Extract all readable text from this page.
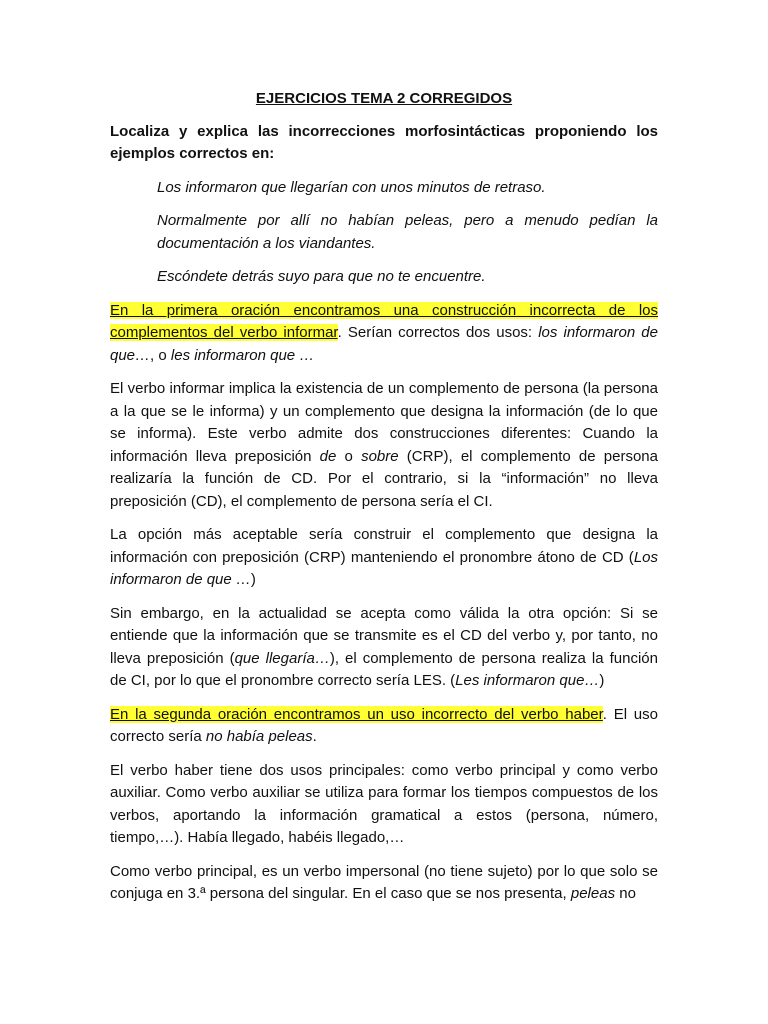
EJERCICIOS TEMA 2 CORREGIDOS

Localiza y explica las incorrecciones morfosintácticas proponiendo los ejemplos correctos en:

Los informaron que llegarían con unos minutos de retraso.

Normalmente por allí no habían peleas, pero a menudo pedían la documentación a los viandantes.

Escóndete detrás suyo para que no te encuentre.

En la primera oración encontramos una construcción incorrecta de los complementos del verbo informar. Serían correctos dos usos: los informaron de que…, o les informaron que …

El verbo informar implica la existencia de un complemento de persona (la persona a la que se le informa) y un complemento que designa la información (de lo que se informa). Este verbo admite dos construcciones diferentes: Cuando la información lleva preposición de o sobre (CRP), el complemento de persona realizaría la función de CD. Por el contrario, si la “información” no lleva preposición (CD), el complemento de persona sería el CI.

La opción más aceptable sería construir el complemento que designa la información con preposición (CRP) manteniendo el pronombre átono de CD (Los informaron de que …)

Sin embargo, en la actualidad se acepta como válida la otra opción: Si se entiende que la información que se transmite es el CD del verbo y, por tanto, no lleva preposición (que llegaría…), el complemento de persona realiza la función de CI, por lo que el pronombre correcto sería LES. (Les informaron que…)

En la segunda oración encontramos un uso incorrecto del verbo haber. El uso correcto sería no había peleas.

El verbo haber tiene dos usos principales: como verbo principal y como verbo auxiliar. Como verbo auxiliar se utiliza para formar los tiempos compuestos de los verbos, aportando la información gramatical a estos (persona, número, tiempo,…). Había llegado, habéis llegado,…

Como verbo principal, es un verbo impersonal (no tiene sujeto) por lo que solo se conjuga en 3.ª persona del singular. En el caso que se nos presenta, peleas no
